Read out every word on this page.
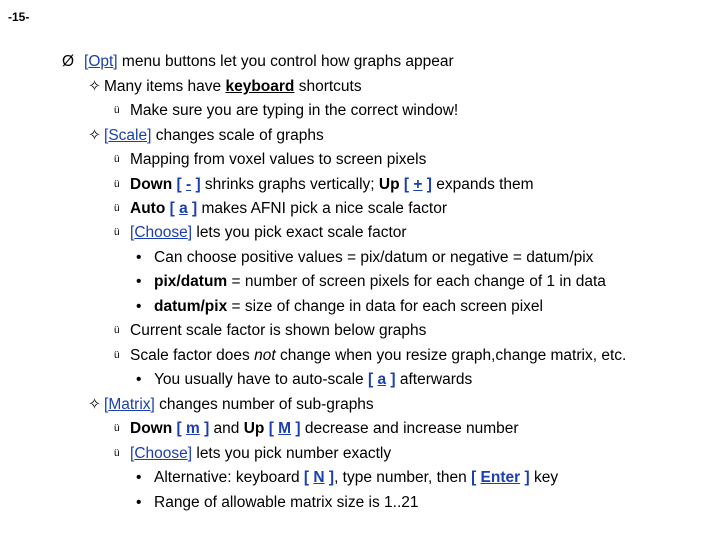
-15-
Ø [Opt] menu buttons let you control how graphs appear
✧ Many items have keyboard shortcuts
ü Make sure you are typing in the correct window!
✧ [Scale] changes scale of graphs
ü Mapping from voxel values to screen pixels
ü Down [ - ] shrinks graphs vertically; Up [ + ] expands them
ü Auto [ a ] makes AFNI pick a nice scale factor
ü [Choose] lets you pick exact scale factor
• Can choose positive values = pix/datum or negative = datum/pix
• pix/datum = number of screen pixels for each change of 1 in data
• datum/pix = size of change in data for each screen pixel
ü Current scale factor is shown below graphs
ü Scale factor does not change when you resize graph,change matrix, etc.
• You usually have to auto-scale [ a ] afterwards
✧ [Matrix] changes number of sub-graphs
ü Down [ m ] and Up [ M ] decrease and increase number
ü [Choose] lets you pick number exactly
• Alternative: keyboard [ N ], type number, then [ Enter ] key
• Range of allowable matrix size is 1..21
